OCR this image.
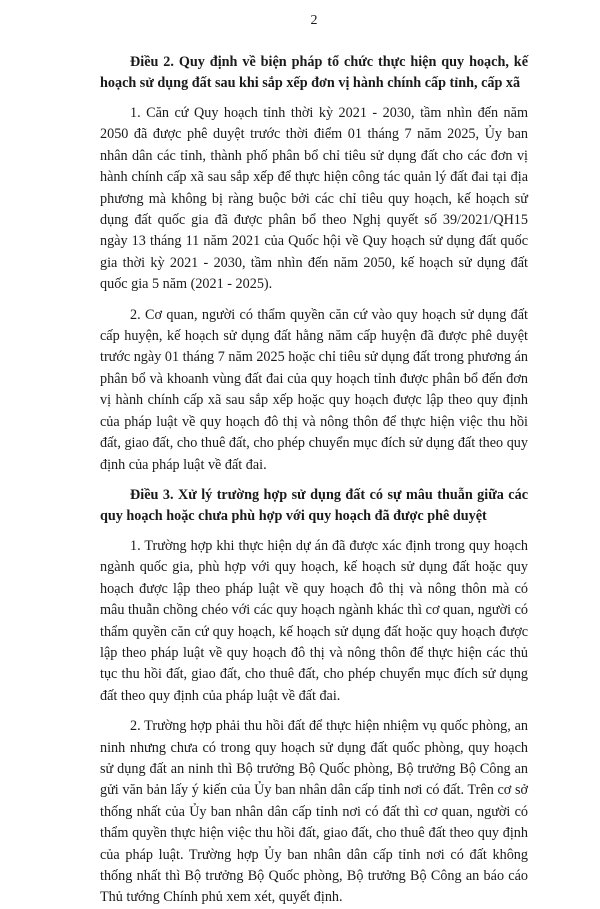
2

Điều 2. Quy định về biện pháp tổ chức thực hiện quy hoạch, kế hoạch sử dụng đất sau khi sắp xếp đơn vị hành chính cấp tỉnh, cấp xã

1. Căn cứ Quy hoạch tỉnh thời kỳ 2021 - 2030, tầm nhìn đến năm 2050 đã được phê duyệt trước thời điểm 01 tháng 7 năm 2025, Ủy ban nhân dân các tỉnh, thành phố phân bổ chỉ tiêu sử dụng đất cho các đơn vị hành chính cấp xã sau sắp xếp để thực hiện công tác quản lý đất đai tại địa phương mà không bị ràng buộc bởi các chỉ tiêu quy hoạch, kế hoạch sử dụng đất quốc gia đã được phân bổ theo Nghị quyết số 39/2021/QH15 ngày 13 tháng 11 năm 2021 của Quốc hội về Quy hoạch sử dụng đất quốc gia thời kỳ 2021 - 2030, tầm nhìn đến năm 2050, kế hoạch sử dụng đất quốc gia 5 năm (2021 - 2025).

2. Cơ quan, người có thẩm quyền căn cứ vào quy hoạch sử dụng đất cấp huyện, kế hoạch sử dụng đất hằng năm cấp huyện đã được phê duyệt trước ngày 01 tháng 7 năm 2025 hoặc chỉ tiêu sử dụng đất trong phương án phân bổ và khoanh vùng đất đai của quy hoạch tỉnh được phân bổ đến đơn vị hành chính cấp xã sau sắp xếp hoặc quy hoạch được lập theo quy định của pháp luật về quy hoạch đô thị và nông thôn để thực hiện việc thu hồi đất, giao đất, cho thuê đất, cho phép chuyển mục đích sử dụng đất theo quy định của pháp luật về đất đai.

Điều 3. Xử lý trường hợp sử dụng đất có sự mâu thuẫn giữa các quy hoạch hoặc chưa phù hợp với quy hoạch đã được phê duyệt

1. Trường hợp khi thực hiện dự án đã được xác định trong quy hoạch ngành quốc gia, phù hợp với quy hoạch, kế hoạch sử dụng đất hoặc quy hoạch được lập theo pháp luật về quy hoạch đô thị và nông thôn mà có mâu thuẫn chồng chéo với các quy hoạch ngành khác thì cơ quan, người có thẩm quyền căn cứ quy hoạch, kế hoạch sử dụng đất hoặc quy hoạch được lập theo pháp luật về quy hoạch đô thị và nông thôn để thực hiện các thủ tục thu hồi đất, giao đất, cho thuê đất, cho phép chuyển mục đích sử dụng đất theo quy định của pháp luật về đất đai.

2. Trường hợp phải thu hồi đất để thực hiện nhiệm vụ quốc phòng, an ninh nhưng chưa có trong quy hoạch sử dụng đất quốc phòng, quy hoạch sử dụng đất an ninh thì Bộ trưởng Bộ Quốc phòng, Bộ trưởng Bộ Công an gửi văn bản lấy ý kiến của Ủy ban nhân dân cấp tỉnh nơi có đất. Trên cơ sở thống nhất của Ủy ban nhân dân cấp tỉnh nơi có đất thì cơ quan, người có thẩm quyền thực hiện việc thu hồi đất, giao đất, cho thuê đất theo quy định của pháp luật. Trường hợp Ủy ban nhân dân cấp tỉnh nơi có đất không thống nhất thì Bộ trưởng Bộ Quốc phòng, Bộ trưởng Bộ Công an báo cáo Thủ tướng Chính phủ xem xét, quyết định.
